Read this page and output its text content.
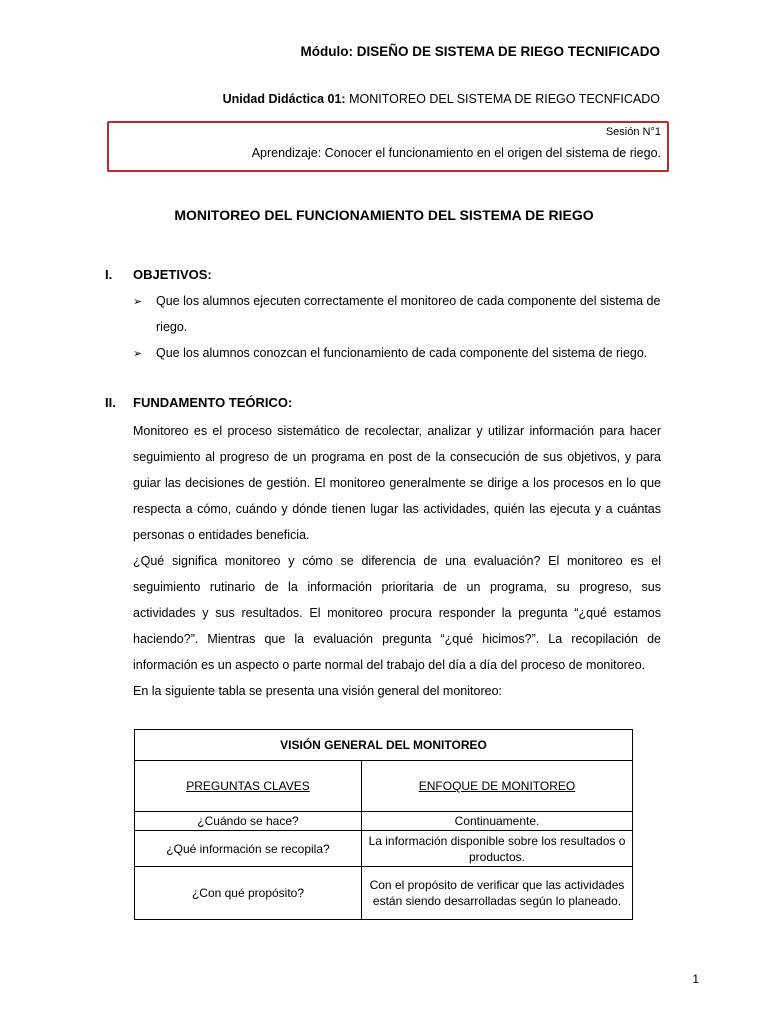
Módulo: DISEÑO DE SISTEMA DE RIEGO TECNIFICADO
Unidad Didáctica 01: MONITOREO DEL SISTEMA DE RIEGO TECNFICADO
Sesión N°1
Aprendizaje: Conocer el funcionamiento en el origen del sistema de riego.
MONITOREO DEL FUNCIONAMIENTO DEL SISTEMA DE RIEGO
I. OBJETIVOS:
➢ Que los alumnos ejecuten correctamente el monitoreo de cada componente del sistema de riego.
➢ Que los alumnos conozcan el funcionamiento de cada componente del sistema de riego.
II. FUNDAMENTO TEÓRICO:
Monitoreo es el proceso sistemático de recolectar, analizar y utilizar información para hacer
seguimiento al progreso de un programa en post de la consecución de sus objetivos, y para
guiar las decisiones de gestión. El monitoreo generalmente se dirige a los procesos en lo que
respecta a cómo, cuándo y dónde tienen lugar las actividades, quién las ejecuta y a cuántas
personas o entidades beneficia.
¿Qué significa monitoreo y cómo se diferencia de una evaluación? El monitoreo es el
seguimiento rutinario de la información prioritaria de un programa, su progreso, sus
actividades y sus resultados. El monitoreo procura responder la pregunta “¿qué estamos
haciendo?”. Mientras que la evaluación pregunta “¿qué hicimos?”. La recopilación de
información es un aspecto o parte normal del trabajo del día a día del proceso de monitoreo.
En la siguiente tabla se presenta una visión general del monitoreo:
VISIÓN GENERAL DEL MONITOREO	
PREGUNTAS CLAVES	ENFOQUE DE MONITOREO
¿Cuándo se hace?	Continuamente.
¿Qué información se recopila?	La información disponible sobre los resultados o productos.
¿Con qué propósito?	Con el propósito de verificar que las actividades están siendo desarrolladas según lo planeado.
1
